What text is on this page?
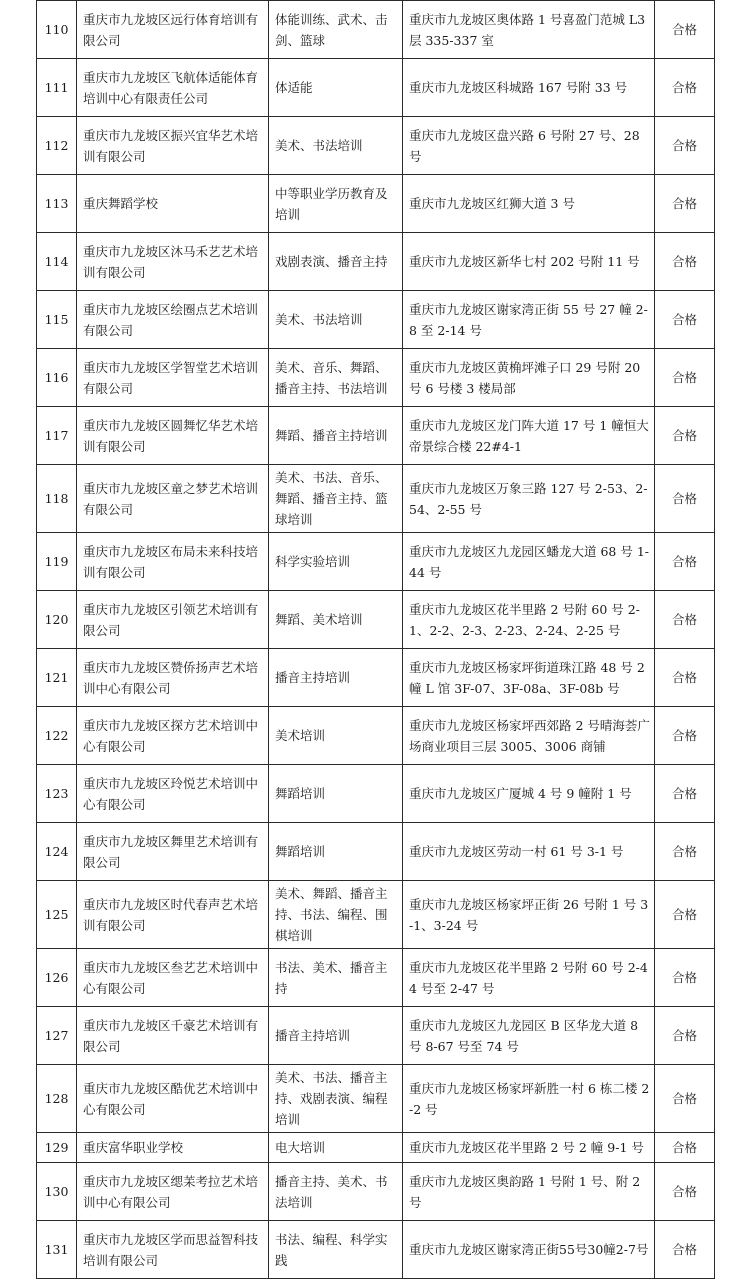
110	重庆市九龙坡区远行体育培训有限公司	体能训练、武术、击剑、篮球	重庆市九龙坡区奥体路 1 号喜盈门范城 L3 层 335-337 室	合格
111	重庆市九龙坡区飞航体适能体育培训中心有限责任公司	体适能	重庆市九龙坡区科城路 167 号附 33 号	合格
112	重庆市九龙坡区振兴宜华艺术培训有限公司	美术、书法培训	重庆市九龙坡区盘兴路 6 号附 27 号、28 号	合格
113	重庆舞蹈学校	中等职业学历教育及培训	重庆市九龙坡区红狮大道 3 号	合格
114	重庆市九龙坡区沐马禾艺艺术培训有限公司	戏剧表演、播音主持	重庆市九龙坡区新华七村 202 号附 11 号	合格
115	重庆市九龙坡区绘圈点艺术培训有限公司	美术、书法培训	重庆市九龙坡区谢家湾正街 55 号 27 幢 2-8 至 2-14 号	合格
116	重庆市九龙坡区学智堂艺术培训有限公司	美术、音乐、舞蹈、播音主持、书法培训	重庆市九龙坡区黄桷坪滩子口 29 号附 20 号 6 号楼 3 楼局部	合格
117	重庆市九龙坡区圆舞忆华艺术培训有限公司	舞蹈、播音主持培训	重庆市九龙坡区龙门阵大道 17 号 1 幢恒大帝景综合楼 22#4-1	合格
118	重庆市九龙坡区童之梦艺术培训有限公司	美术、书法、音乐、舞蹈、播音主持、篮球培训	重庆市九龙坡区万象三路 127 号 2-53、2-54、2-55 号	合格
119	重庆市九龙坡区布局未来科技培训有限公司	科学实验培训	重庆市九龙坡区九龙园区蟠龙大道 68 号 1-44 号	合格
120	重庆市九龙坡区引领艺术培训有限公司	舞蹈、美术培训	重庆市九龙坡区花半里路 2 号附 60 号 2-1、2-2、2-3、2-23、2-24、2-25 号	合格
121	重庆市九龙坡区赞侨扬声艺术培训中心有限公司	播音主持培训	重庆市九龙坡区杨家坪街道珠江路 48 号 2 幢 L 馆 3F-07、3F-08a、3F-08b 号	合格
122	重庆市九龙坡区探方艺术培训中心有限公司	美术培训	重庆市九龙坡区杨家坪西郊路 2 号晴海荟广场商业项目三层 3005、3006 商铺	合格
123	重庆市九龙坡区玲悦艺术培训中心有限公司	舞蹈培训	重庆市九龙坡区广厦城 4 号 9 幢附 1 号	合格
124	重庆市九龙坡区舞里艺术培训有限公司	舞蹈培训	重庆市九龙坡区劳动一村 61 号 3-1 号	合格
125	重庆市九龙坡区时代春声艺术培训有限公司	美术、舞蹈、播音主持、书法、编程、围棋培训	重庆市九龙坡区杨家坪正街 26 号附 1 号 3-1、3-24 号	合格
126	重庆市九龙坡区叁艺艺术培训中心有限公司	书法、美术、播音主持	重庆市九龙坡区花半里路 2 号附 60 号 2-44 号至 2-47 号	合格
127	重庆市九龙坡区千豪艺术培训有限公司	播音主持培训	重庆市九龙坡区九龙园区 B 区华龙大道 8 号 8-67 号至 74 号	合格
128	重庆市九龙坡区酷优艺术培训中心有限公司	美术、书法、播音主持、戏剧表演、编程培训	重庆市九龙坡区杨家坪新胜一村 6 栋二楼 2-2 号	合格
129	重庆富华职业学校	电大培训	重庆市九龙坡区花半里路 2 号 2 幢 9-1 号	合格
130	重庆市九龙坡区缌苿考拉艺术培训中心有限公司	播音主持、美术、书法培训	重庆市九龙坡区奥韵路 1 号附 1 号、附 2 号	合格
131	重庆市九龙坡区学而思益智科技培训有限公司	书法、编程、科学实践	重庆市九龙坡区谢家湾正街55号30幢2-7号	合格
